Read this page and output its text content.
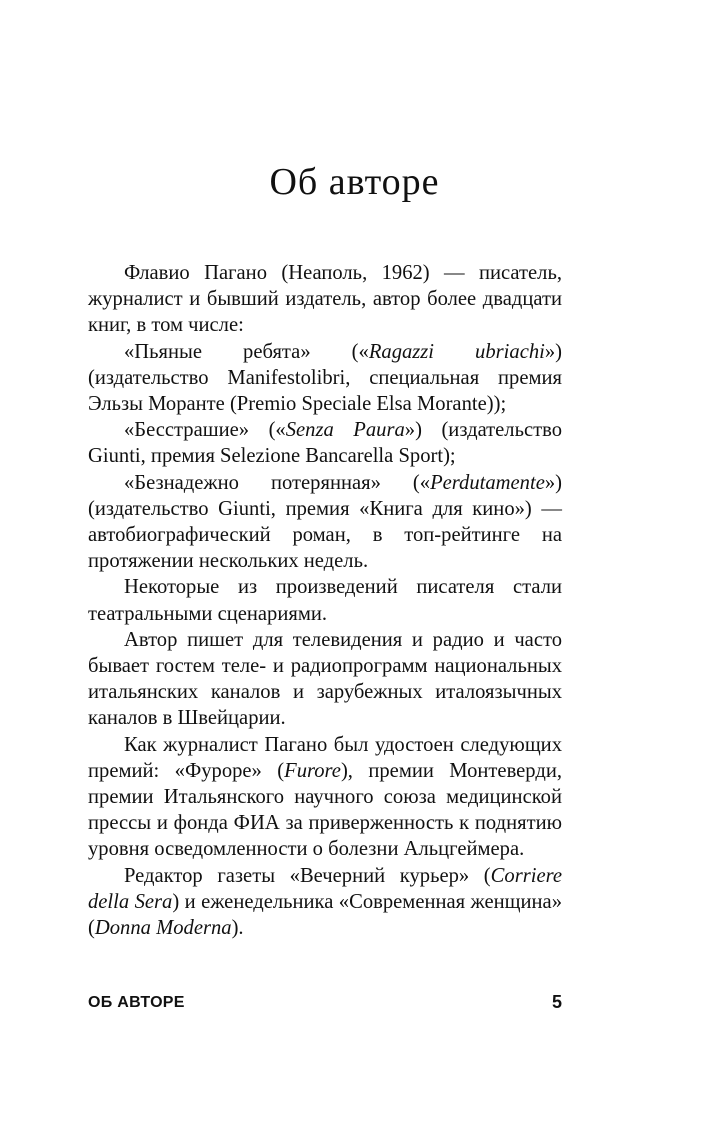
Об авторе

Флавио Пагано (Неаполь, 1962) — писатель, журналист и бывший издатель, автор более двадцати книг, в том числе:

«Пьяные ребята» («Ragazzi ubriachi») (издательство Manifestolibri, специальная премия Эльзы Моранте (Premio Speciale Elsa Morante));

«Бесстрашие» («Senza Paura») (издательство Giunti, премия Selezione Bancarella Sport);

«Безнадежно потерянная» («Perdutamente») (издательство Giunti, премия «Книга для кино») — автобиографический роман, в топ-рейтинге на протяжении нескольких недель.

Некоторые из произведений писателя стали театральными сценариями.

Автор пишет для телевидения и радио и часто бывает гостем теле- и радиопрограмм национальных итальянских каналов и зарубежных италоязычных каналов в Швейцарии.

Как журналист Пагано был удостоен следующих премий: «Фуроре» (Furore), премии Монтеверди, премии Итальянского научного союза медицинской прессы и фонда ФИА за приверженность к поднятию уровня осведомленности о болезни Альцгеймера.

Редактор газеты «Вечерний курьер» (Corriere della Sera) и еженедельника «Современная женщина» (Donna Moderna).

ОБ АВТОРЕ	5
